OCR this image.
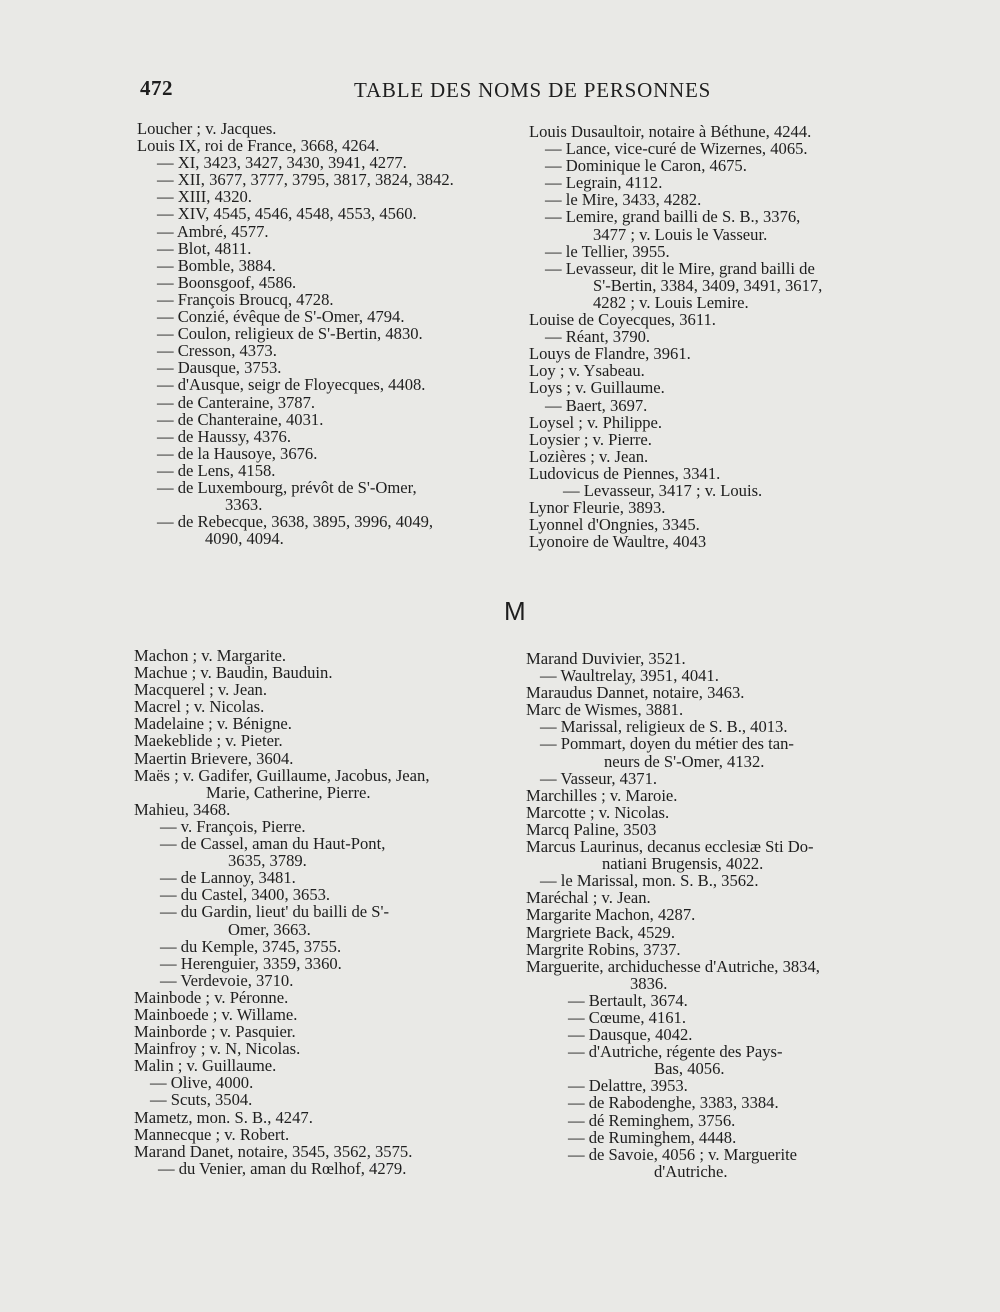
472	TABLE DES NOMS DE PERSONNES
Loucher ; v. Jacques.
Louis IX, roi de France, 3668, 4264.
— XI, 3423, 3427, 3430, 3941, 4277.
— XII, 3677, 3777, 3795, 3817, 3824, 3842.
— XIII, 4320.
— XIV, 4545, 4546, 4548, 4553, 4560.
— Ambré, 4577.
— Blot, 4811.
— Bomble, 3884.
— Boonsgoof, 4586.
— François Broucq, 4728.
— Conzié, évêque de S'-Omer, 4794.
— Coulon, religieux de S'-Bertin, 4830.
— Cresson, 4373.
— Dausque, 3753.
— d'Ausque, seigr de Floyecques, 4408.
— de Canteraine, 3787.
— de Chanteraine, 4031.
— de Haussy, 4376.
— de la Hausoye, 3676.
— de Lens, 4158.
— de Luxembourg, prévôt de S'-Omer,
3363.
— de Rebecque, 3638, 3895, 3996, 4049,
4090, 4094.
Louis Dusaultoir, notaire à Béthune, 4244.
— Lance, vice-curé de Wizernes, 4065.
— Dominique le Caron, 4675.
— Legrain, 4112.
— le Mire, 3433, 4282.
— Lemire, grand bailli de S. B., 3376,
3477 ; v. Louis le Vasseur.
— le Tellier, 3955.
— Levasseur, dit le Mire, grand bailli de
S'-Bertin, 3384, 3409, 3491, 3617,
4282 ; v. Louis Lemire.
Louise de Coyecques, 3611.
— Réant, 3790.
Louys de Flandre, 3961.
Loy ; v. Ysabeau.
Loys ; v. Guillaume.
— Baert, 3697.
Loysel ; v. Philippe.
Loysier ; v. Pierre.
Lozières ; v. Jean.
Ludovicus de Piennes, 3341.
— Levasseur, 3417 ; v. Louis.
Lynor Fleurie, 3893.
Lyonnel d'Ongnies, 3345.
Lyonoire de Waultre, 4043
M
Machon ; v. Margarite.
Machue ; v. Baudin, Bauduin.
Macquerel ; v. Jean.
Macrel ; v. Nicolas.
Madelaine ; v. Bénigne.
Maekeblide ; v. Pieter.
Maertin Brievere, 3604.
Maës ; v. Gadifer, Guillaume, Jacobus, Jean,
Marie, Catherine, Pierre.
Mahieu, 3468.
— v. François, Pierre.
— de Cassel, aman du Haut-Pont,
3635, 3789.
— de Lannoy, 3481.
— du Castel, 3400, 3653.
— du Gardin, lieut' du bailli de S'-
Omer, 3663.
— du Kemple, 3745, 3755.
— Herenguier, 3359, 3360.
— Verdevoie, 3710.
Mainbode ; v. Péronne.
Mainboede ; v. Willame.
Mainborde ; v. Pasquier.
Mainfroy ; v. N, Nicolas.
Malin ; v. Guillaume.
— Olive, 4000.
— Scuts, 3504.
Mametz, mon. S. B., 4247.
Mannecque ; v. Robert.
Marand Danet, notaire, 3545, 3562, 3575.
— du Venier, aman du Rœlhof, 4279.
Marand Duvivier, 3521.
— Waultrelay, 3951, 4041.
Maraudus Dannet, notaire, 3463.
Marc de Wismes, 3881.
— Marissal, religieux de S. B., 4013.
— Pommart, doyen du métier des tan-
neurs de S'-Omer, 4132.
— Vasseur, 4371.
Marchilles ; v. Maroie.
Marcotte ; v. Nicolas.
Marcq Paline, 3503
Marcus Laurinus, decanus ecclesiæ Sti Do-
natiani Brugensis, 4022.
— le Marissal, mon. S. B., 3562.
Maréchal ; v. Jean.
Margarite Machon, 4287.
Margriete Back, 4529.
Margrite Robins, 3737.
Marguerite, archiduchesse d'Autriche, 3834,
3836.
— Bertault, 3674.
— Cœume, 4161.
— Dausque, 4042.
— d'Autriche, régente des Pays-
Bas, 4056.
— Delattre, 3953.
— de Rabodenghe, 3383, 3384.
— dé Reminghem, 3756.
— de Ruminghem, 4448.
— de Savoie, 4056 ; v. Marguerite
d'Autriche.
